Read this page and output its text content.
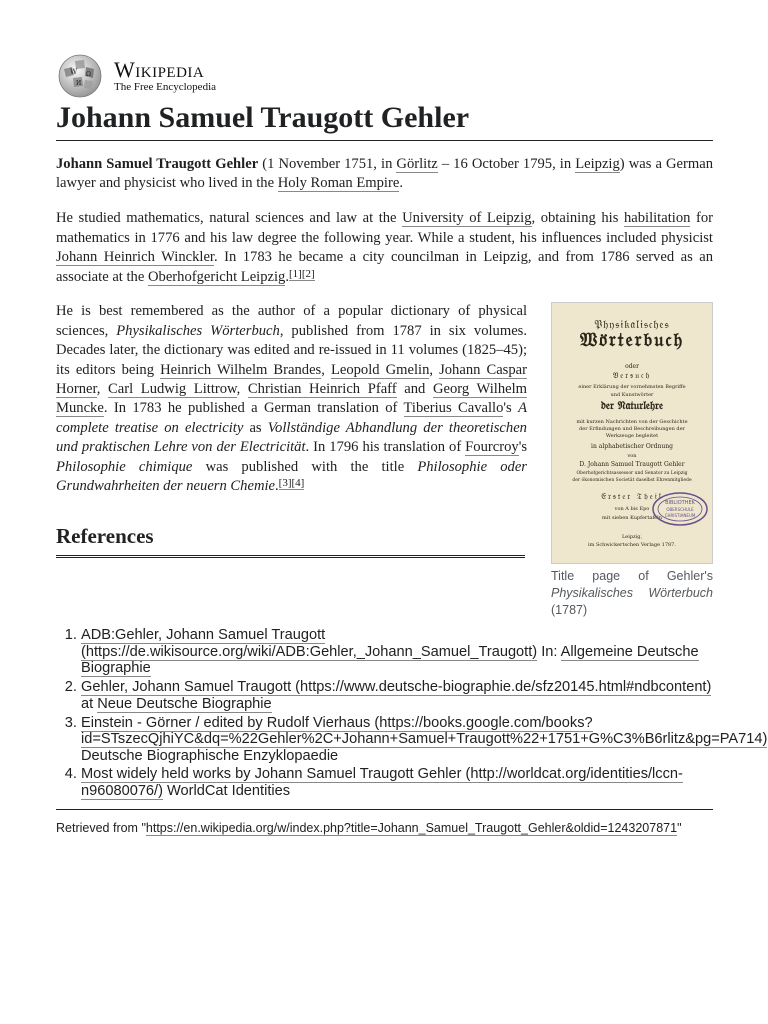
W Ω
И
Wikipedia
The Free Encyclopedia
Johann Samuel Traugott Gehler

Johann Samuel Traugott Gehler (1 November 1751, in Görlitz – 16 October 1795, in Leipzig) was a German lawyer and physicist who lived in the Holy Roman Empire.

He studied mathematics, natural sciences and law at the University of Leipzig, obtaining his habilitation for mathematics in 1776 and his law degree the following year. While a student, his influences included physicist Johann Heinrich Winckler. In 1783 he became a city councilman in Leipzig, and from 1786 served as an associate at the Oberhofgericht Leipzig.[1][2]

𝔓𝔥𝔶𝔰𝔦𝔨𝔞𝔩𝔦𝔰𝔠𝔥𝔢𝔰
𝔚𝔬̈𝔯𝔱𝔢𝔯𝔟𝔲𝔠𝔥
oder
𝔙𝔢𝔯𝔰𝔲𝔠𝔥
einer Erklärung der vornehmsten Begriffe
und Kunstwörter
𝔡𝔢𝔯 𝔑𝔞𝔱𝔲𝔯𝔩𝔢𝔥𝔯𝔢
mit kurzen Nachrichten von der Geschichte
der Erfindungen und Beschreibungen der
Werkzeuge begleitet
in alphabetischer Ordnung
von
D. Johann Samuel Traugott Gehler
Oberhofgerichtsassessor und Senator zu Leipzig
der ökonomischen Societät daselbst Ehrenmitgliede
𝔈𝔯𝔰𝔱𝔢𝔯 𝔗𝔥𝔢𝔦𝔩
von A bis Epo
mit sieben Kupfertafeln
Leipzig,
im Schwickertschen Verlage 1787.
BIBLIOTHEK
OBERSCHULE
CHRISTIANEUM
Title page of Gehler's Physikalisches Wörterbuch (1787)

He is best remembered as the author of a popular dictionary of physical sciences, Physikalisches Wörterbuch, published from 1787 in six volumes. Decades later, the dictionary was edited and re-issued in 11 volumes (1825–45); its editors being Heinrich Wilhelm Brandes, Leopold Gmelin, Johann Caspar Horner, Carl Ludwig Littrow, Christian Heinrich Pfaff and Georg Wilhelm Muncke. In 1783 he published a German translation of Tiberius Cavallo's A complete treatise on electricity as Vollständige Abhandlung der theoretischen und praktischen Lehre von der Electricität. In 1796 his translation of Fourcroy's Philosophie chimique was published with the title Philosophie oder Grundwahrheiten der neuern Chemie.[3][4]

References
1. ADB:Gehler, Johann Samuel Traugott (https://de.wikisource.org/wiki/ADB:Gehler,_Johann_Samuel_Traugott) In: Allgemeine Deutsche Biographie
2. Gehler, Johann Samuel Traugott (https://www.deutsche-biographie.de/sfz20145.html#ndbcontent) at Neue Deutsche Biographie
3. Einstein - Görner / edited by Rudolf Vierhaus (https://books.google.com/books?id=STszecQjhiYC&dq=%22Gehler%2C+Johann+Samuel+Traugott%22+1751+G%C3%B6rlitz&pg=PA714) Deutsche Biographische Enzyklopaedie
4. Most widely held works by Johann Samuel Traugott Gehler (http://worldcat.org/identities/lccn-n96080076/) WorldCat Identities
Retrieved from "https://en.wikipedia.org/w/index.php?title=Johann_Samuel_Traugott_Gehler&oldid=1243207871"
